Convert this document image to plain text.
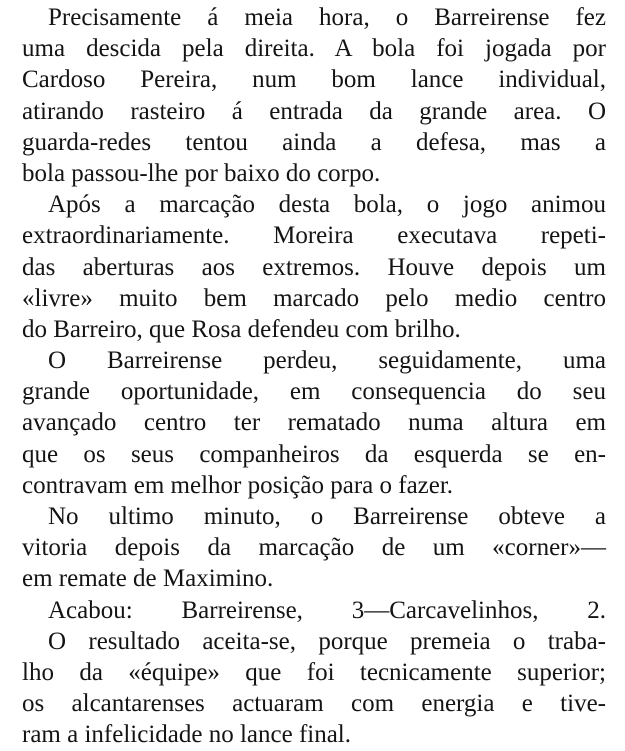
Precisamente á meia hora, o Barreirense fez
uma descida pela direita. A bola foi jogada por
Cardoso Pereira, num bom lance individual,
atirando rasteiro á entrada da grande area. O
guarda-redes tentou ainda a defesa, mas a
bola passou-lhe por baixo do corpo.
Após a marcação desta bola, o jogo animou
extraordinariamente. Moreira executava repeti-
das aberturas aos extremos. Houve depois um
«livre» muito bem marcado pelo medio centro
do Barreiro, que Rosa defendeu com brilho.
O Barreirense perdeu, seguidamente, uma
grande oportunidade, em consequencia do seu
avançado centro ter rematado numa altura em
que os seus companheiros da esquerda se en-
contravam em melhor posição para o fazer.
No ultimo minuto, o Barreirense obteve a
vitoria depois da marcação de um «corner»—
em remate de Maximino.
Acabou: Barreirense, 3—Carcavelinhos, 2.
O resultado aceita-se, porque premeia o traba-
lho da «équipe» que foi tecnicamente superior;
os alcantarenses actuaram com energia e tive-
ram a infelicidade no lance final.
